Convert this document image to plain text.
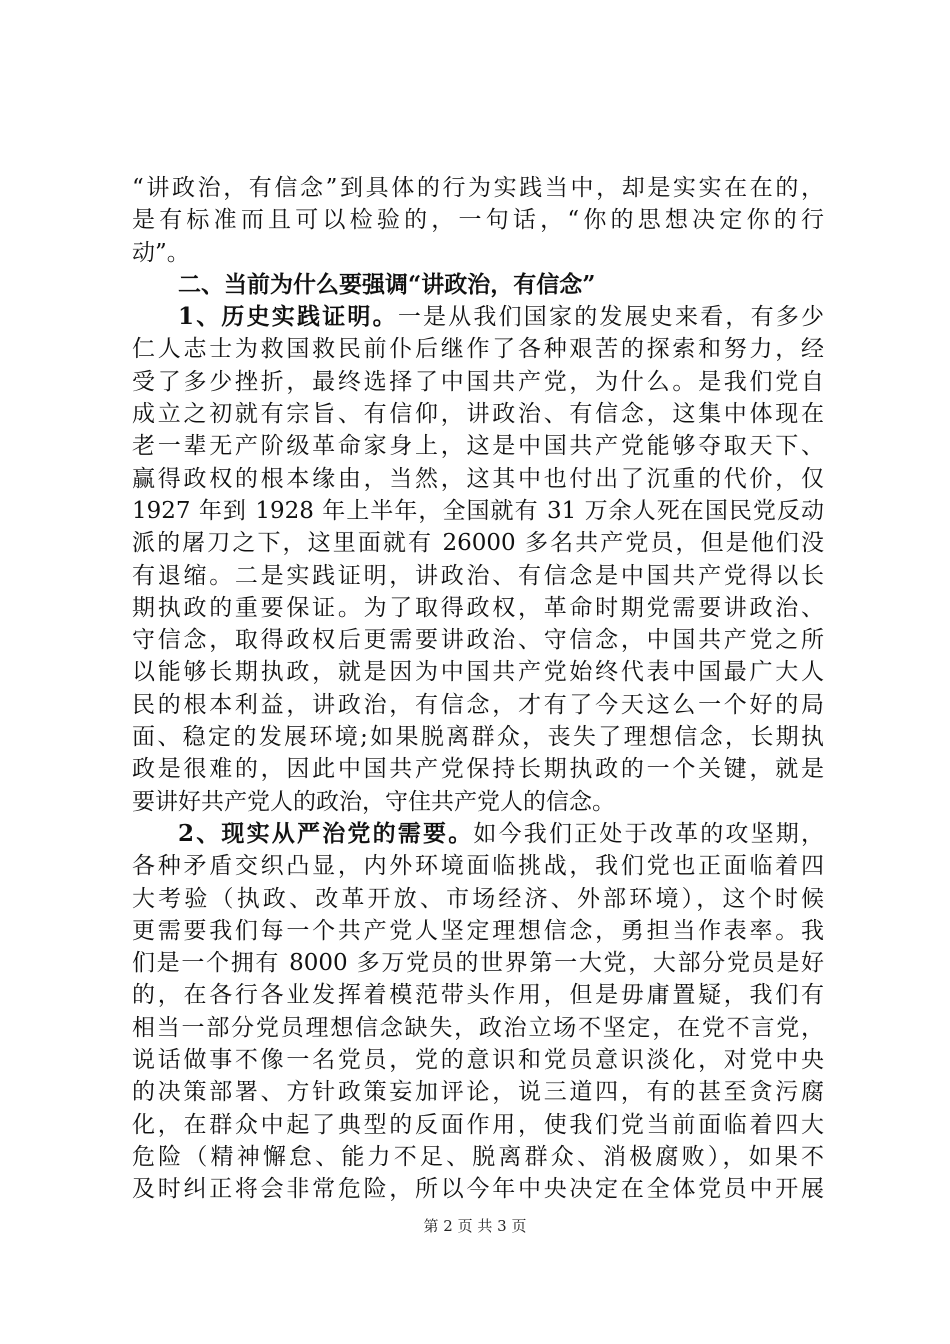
“讲政治，有信念”到具体的行为实践当中，却是实实在在的，
是有标准而且可以检验的，一句话，“你的思想决定你的行
动”。
二、当前为什么要强调“讲政治，有信念”
1、历史实践证明。一是从我们国家的发展史来看，有多少
仁人志士为救国救民前仆后继作了各种艰苦的探索和努力，经
受了多少挫折，最终选择了中国共产党，为什么。是我们党自
成立之初就有宗旨、有信仰，讲政治、有信念，这集中体现在
老一辈无产阶级革命家身上，这是中国共产党能够夺取天下、
赢得政权的根本缘由，当然，这其中也付出了沉重的代价，仅
1927 年到 1928 年上半年，全国就有 31 万余人死在国民党反动
派的屠刀之下，这里面就有 26000 多名共产党员，但是他们没
有退缩。二是实践证明，讲政治、有信念是中国共产党得以长
期执政的重要保证。为了取得政权，革命时期党需要讲政治、
守信念，取得政权后更需要讲政治、守信念，中国共产党之所
以能够长期执政，就是因为中国共产党始终代表中国最广大人
民的根本利益，讲政治，有信念，才有了今天这么一个好的局
面、稳定的发展环境;如果脱离群众，丧失了理想信念，长期执
政是很难的，因此中国共产党保持长期执政的一个关键，就是
要讲好共产党人的政治，守住共产党人的信念。
2、现实从严治党的需要。如今我们正处于改革的攻坚期，
各种矛盾交织凸显，内外环境面临挑战，我们党也正面临着四
大考验（执政、改革开放、市场经济、外部环境），这个时候
更需要我们每一个共产党人坚定理想信念，勇担当作表率。我
们是一个拥有 8000 多万党员的世界第一大党，大部分党员是好
的，在各行各业发挥着模范带头作用，但是毋庸置疑，我们有
相当一部分党员理想信念缺失，政治立场不坚定，在党不言党，
说话做事不像一名党员，党的意识和党员意识淡化，对党中央
的决策部署、方针政策妄加评论，说三道四，有的甚至贪污腐
化，在群众中起了典型的反面作用，使我们党当前面临着四大
危险（精神懈怠、能力不足、脱离群众、消极腐败），如果不
及时纠正将会非常危险，所以今年中央决定在全体党员中开展
第 2 页 共 3 页
